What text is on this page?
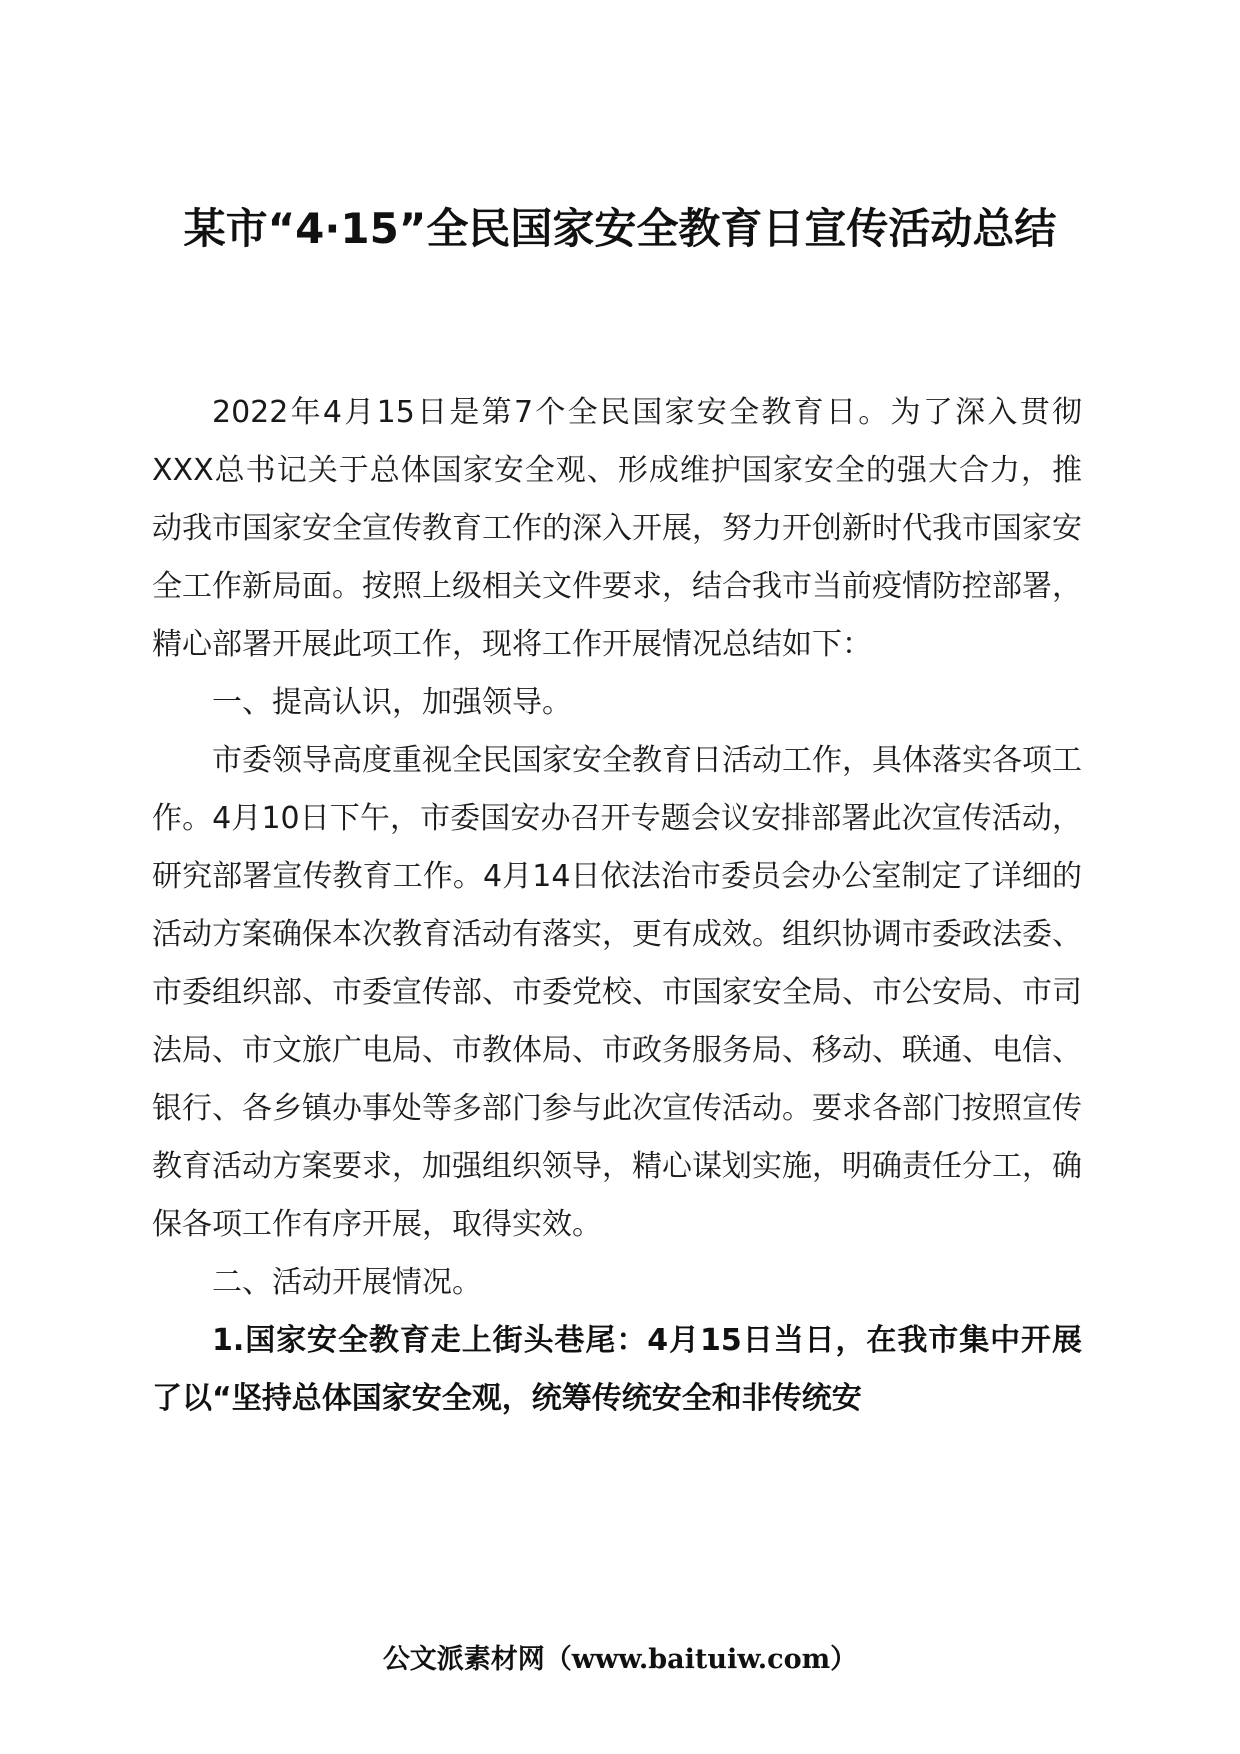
某市“4·15”全民国家安全教育日宣传活动总结

2022年4月15日是第7个全民国家安全教育日。为了深入贯彻XXX总书记关于总体国家安全观、形成维护国家安全的强大合力，推动我市国家安全宣传教育工作的深入开展，努力开创新时代我市国家安全工作新局面。按照上级相关文件要求，结合我市当前疫情防控部署，精心部署开展此项工作，现将工作开展情况总结如下：

一、提高认识，加强领导。

市委领导高度重视全民国家安全教育日活动工作，具体落实各项工作。4月10日下午，市委国安办召开专题会议安排部署此次宣传活动，研究部署宣传教育工作。4月14日依法治市委员会办公室制定了详细的活动方案确保本次教育活动有落实，更有成效。组织协调市委政法委、市委组织部、市委宣传部、市委党校、市国家安全局、市公安局、市司法局、市文旅广电局、市教体局、市政务服务局、移动、联通、电信、银行、各乡镇办事处等多部门参与此次宣传活动。要求各部门按照宣传教育活动方案要求，加强组织领导，精心谋划实施，明确责任分工，确保各项工作有序开展，取得实效。

二、活动开展情况。

1.国家安全教育走上街头巷尾：4月15日当日，在我市集中开展了以“坚持总体国家安全观，统筹传统安全和非传统安

公文派素材网（www.baituiw.com）
